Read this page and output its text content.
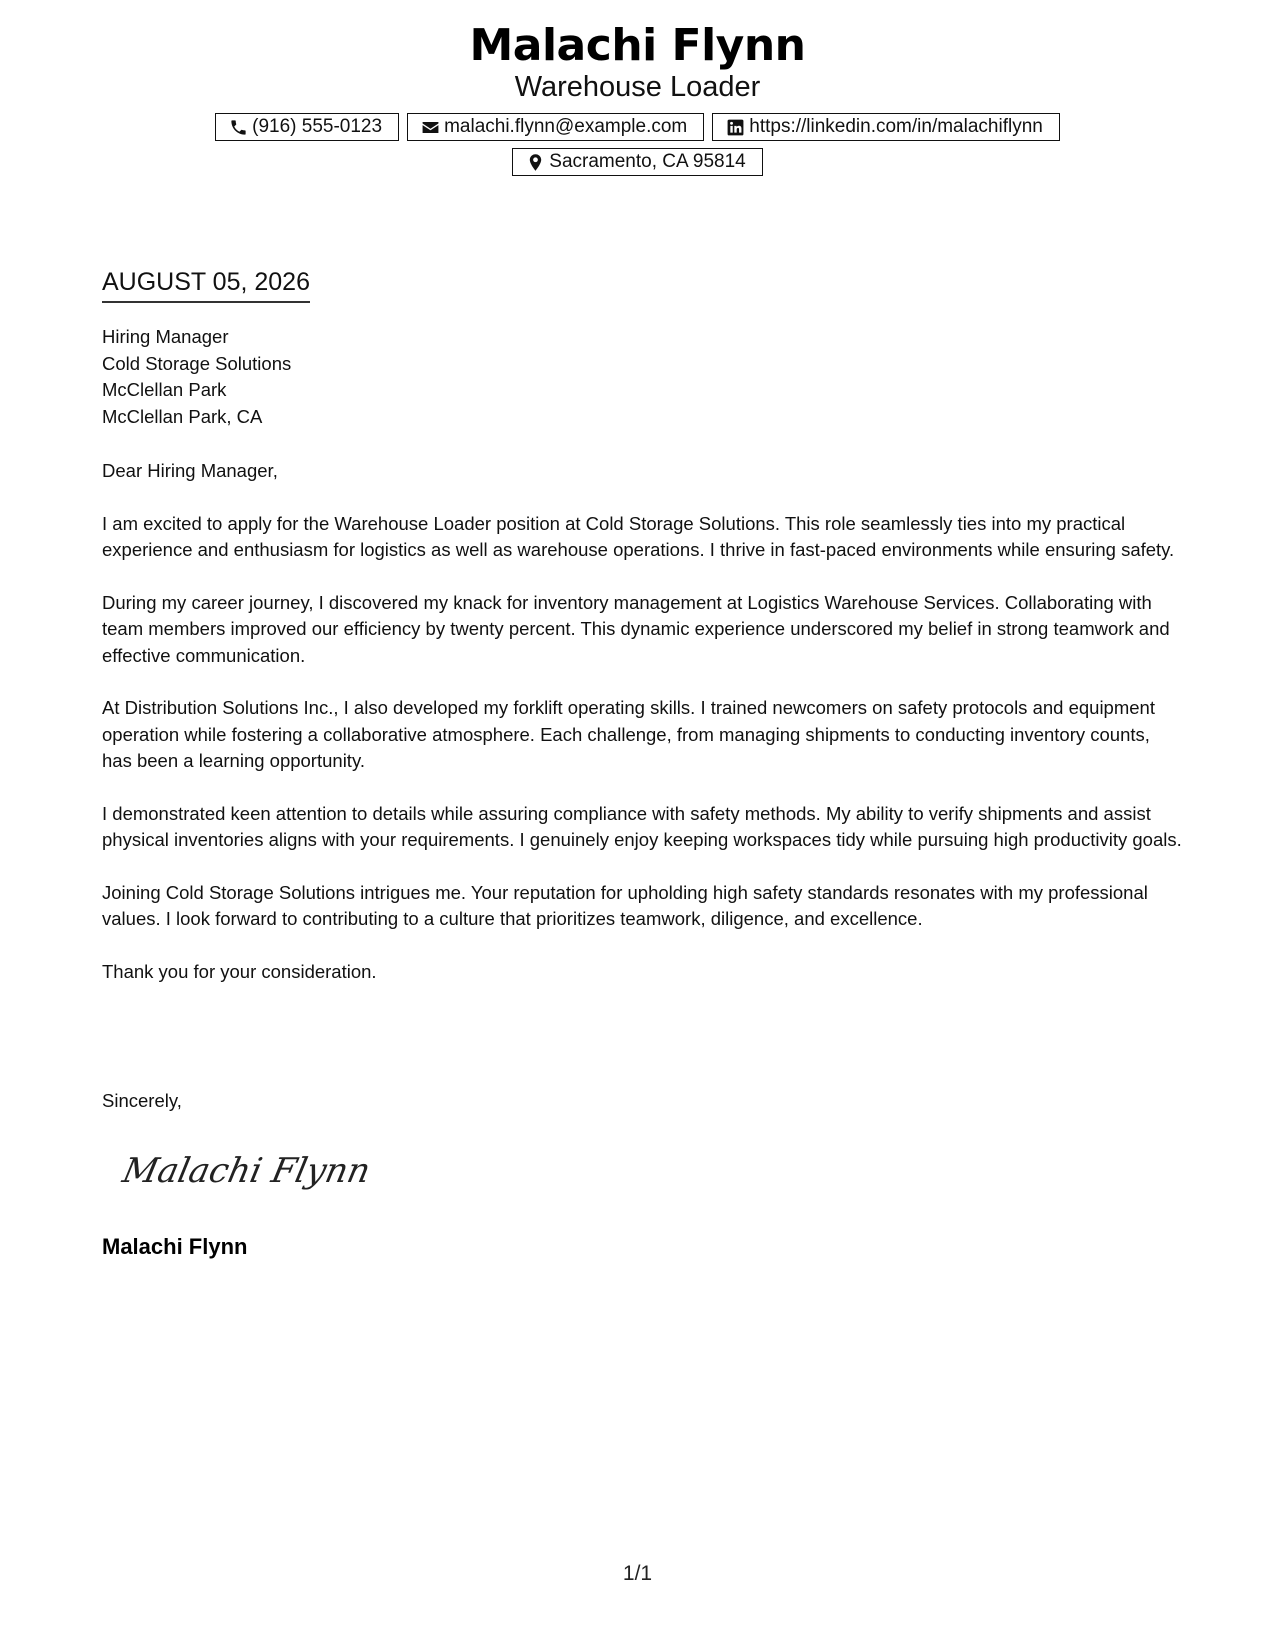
Malachi Flynn
Warehouse Loader
(916) 555-0123	malachi.flynn@example.com	https://linkedin.com/in/malachiflynn
Sacramento, CA 95814
AUGUST 05, 2026
Hiring Manager
Cold Storage Solutions
McClellan Park
McClellan Park, CA

Dear Hiring Manager,

I am excited to apply for the Warehouse Loader position at Cold Storage Solutions. This role seamlessly ties into my practical experience and enthusiasm for logistics as well as warehouse operations. I thrive in fast-paced environments while ensuring safety.

During my career journey, I discovered my knack for inventory management at Logistics Warehouse Services. Collaborating with team members improved our efficiency by twenty percent. This dynamic experience underscored my belief in strong teamwork and effective communication.

At Distribution Solutions Inc., I also developed my forklift operating skills. I trained newcomers on safety protocols and equipment operation while fostering a collaborative atmosphere. Each challenge, from managing shipments to conducting inventory counts, has been a learning opportunity.

I demonstrated keen attention to details while assuring compliance with safety methods. My ability to verify shipments and assist physical inventories aligns with your requirements. I genuinely enjoy keeping workspaces tidy while pursuing high productivity goals.

Joining Cold Storage Solutions intrigues me. Your reputation for upholding high safety standards resonates with my professional values. I look forward to contributing to a culture that prioritizes teamwork, diligence, and excellence.

Thank you for your consideration.

Sincerely,
Malachi Flynn
Malachi Flynn
1/1
